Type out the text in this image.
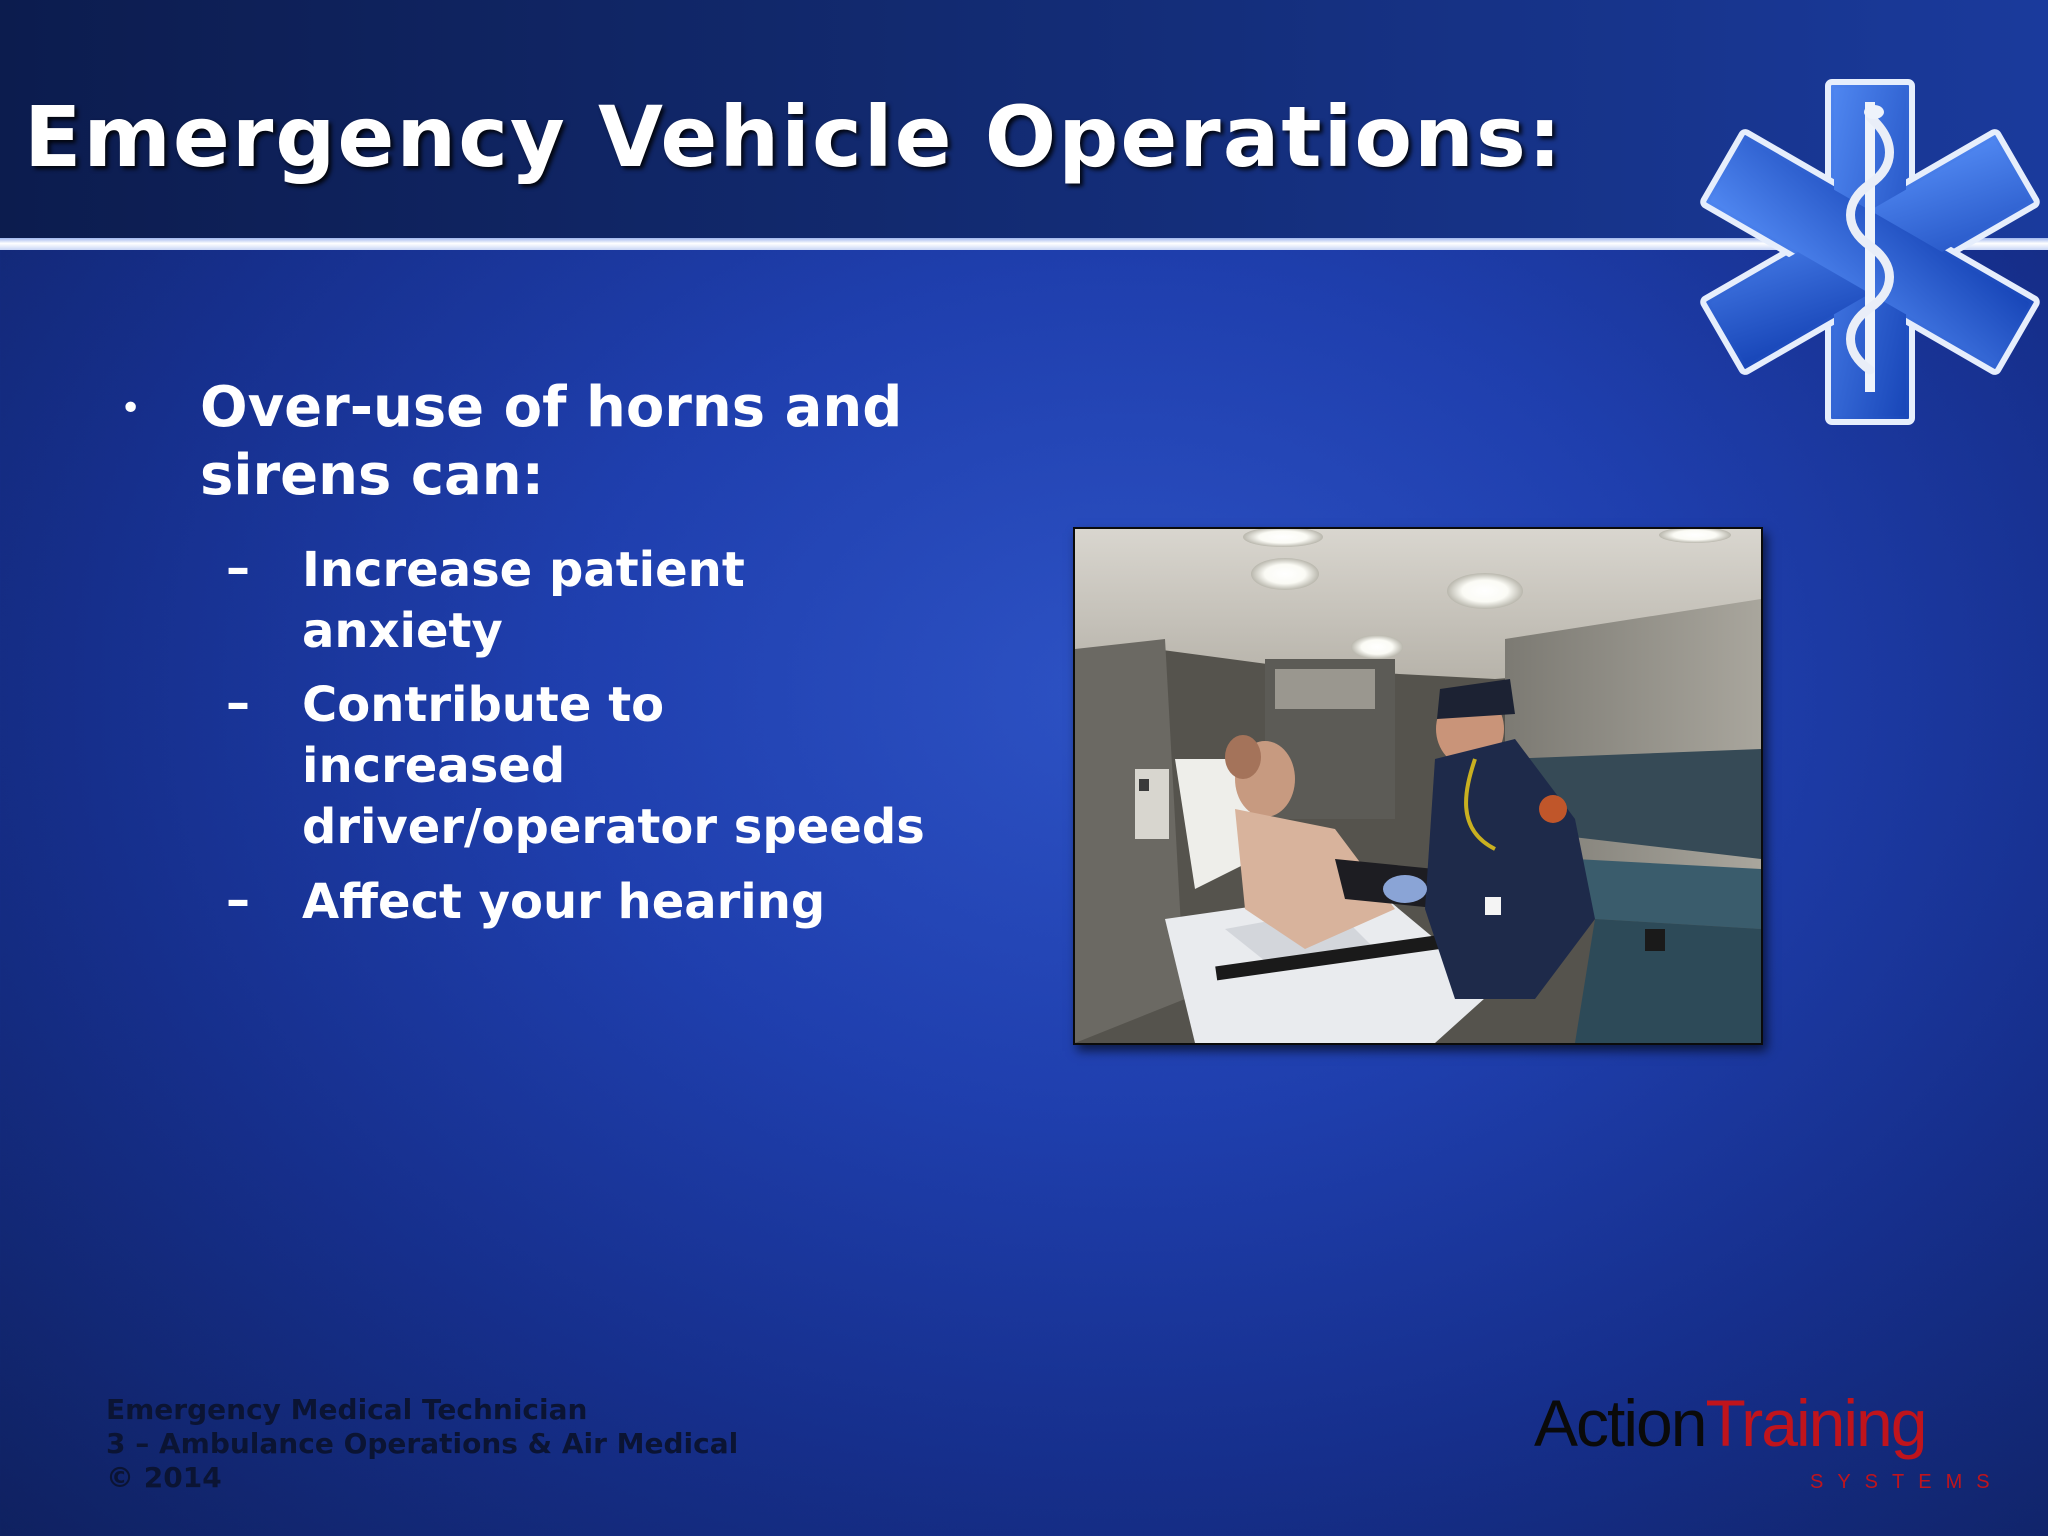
Emergency Vehicle Operations:
• Over-use of horns and
sirens can:
– Increase patient
anxiety
– Contribute to
increased
driver/operator speeds
– Affect your hearing
Emergency Medical Technician
3 – Ambulance Operations & Air Medical
© 2014
ActionTraining
SYSTEMS
